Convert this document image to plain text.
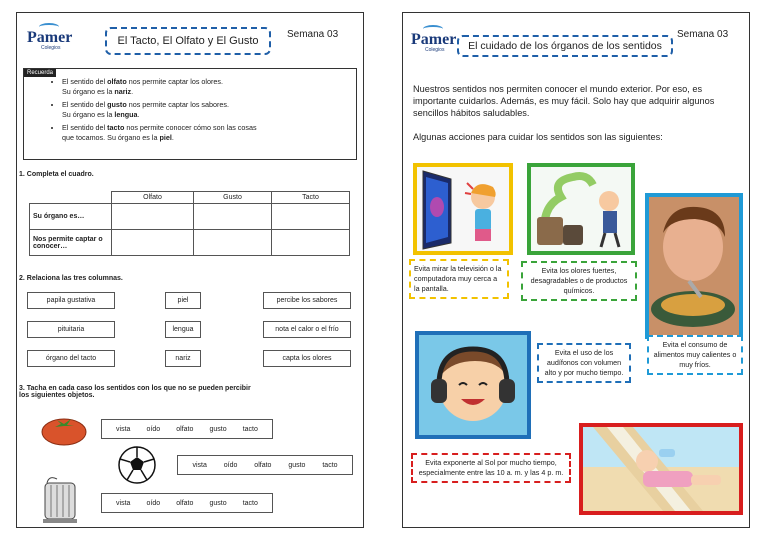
Pamer
Colegios
El Tacto, El Olfato y El Gusto
Semana 03
Recuerda
• El sentido del olfato nos permite captar los olores.
Su órgano es la nariz.
• El sentido del gusto nos permite captar los sabores.
Su órgano es la lengua.
• El sentido del tacto nos permite conocer cómo son las cosas
que tocamos. Su órgano es la piel.
1. Completa el cuadro.
	Olfato	Gusto	Tacto
Su órgano es…			
Nos permite captar o conocer…			
2. Relaciona las tres columnas.
papila gustativa
pituitaria
órgano del tacto
piel
lengua
nariz
percibe los sabores
nota el calor o el frío
capta los olores
3. Tacha en cada caso los sentidos con los que no se pueden percibir
los siguientes objetos.
vista oído olfato gusto tacto
vista oído olfato gusto tacto
vista oído olfato gusto tacto
Pamer
Colegios	El cuidado de los órganos de los sentidos
Semana 03
Nuestros sentidos nos permiten conocer el mundo exterior. Por eso, es importante cuidarlos. Además, es muy fácil. Solo hay que adquirir algunos sencillos hábitos saludables.
Algunas acciones para cuidar los sentidos son las siguientes:
Evita mirar la televisión o la computadora muy cerca a la pantalla.
Evita los olores fuertes, desagradables o de productos químicos.
Evita el uso de los audífonos con volumen alto y por mucho tiempo.
Evita el consumo de alimentos muy calientes o muy fríos.
Evita exponerte al Sol por mucho tiempo, especialmente entre las 10 a. m. y las 4 p. m.
